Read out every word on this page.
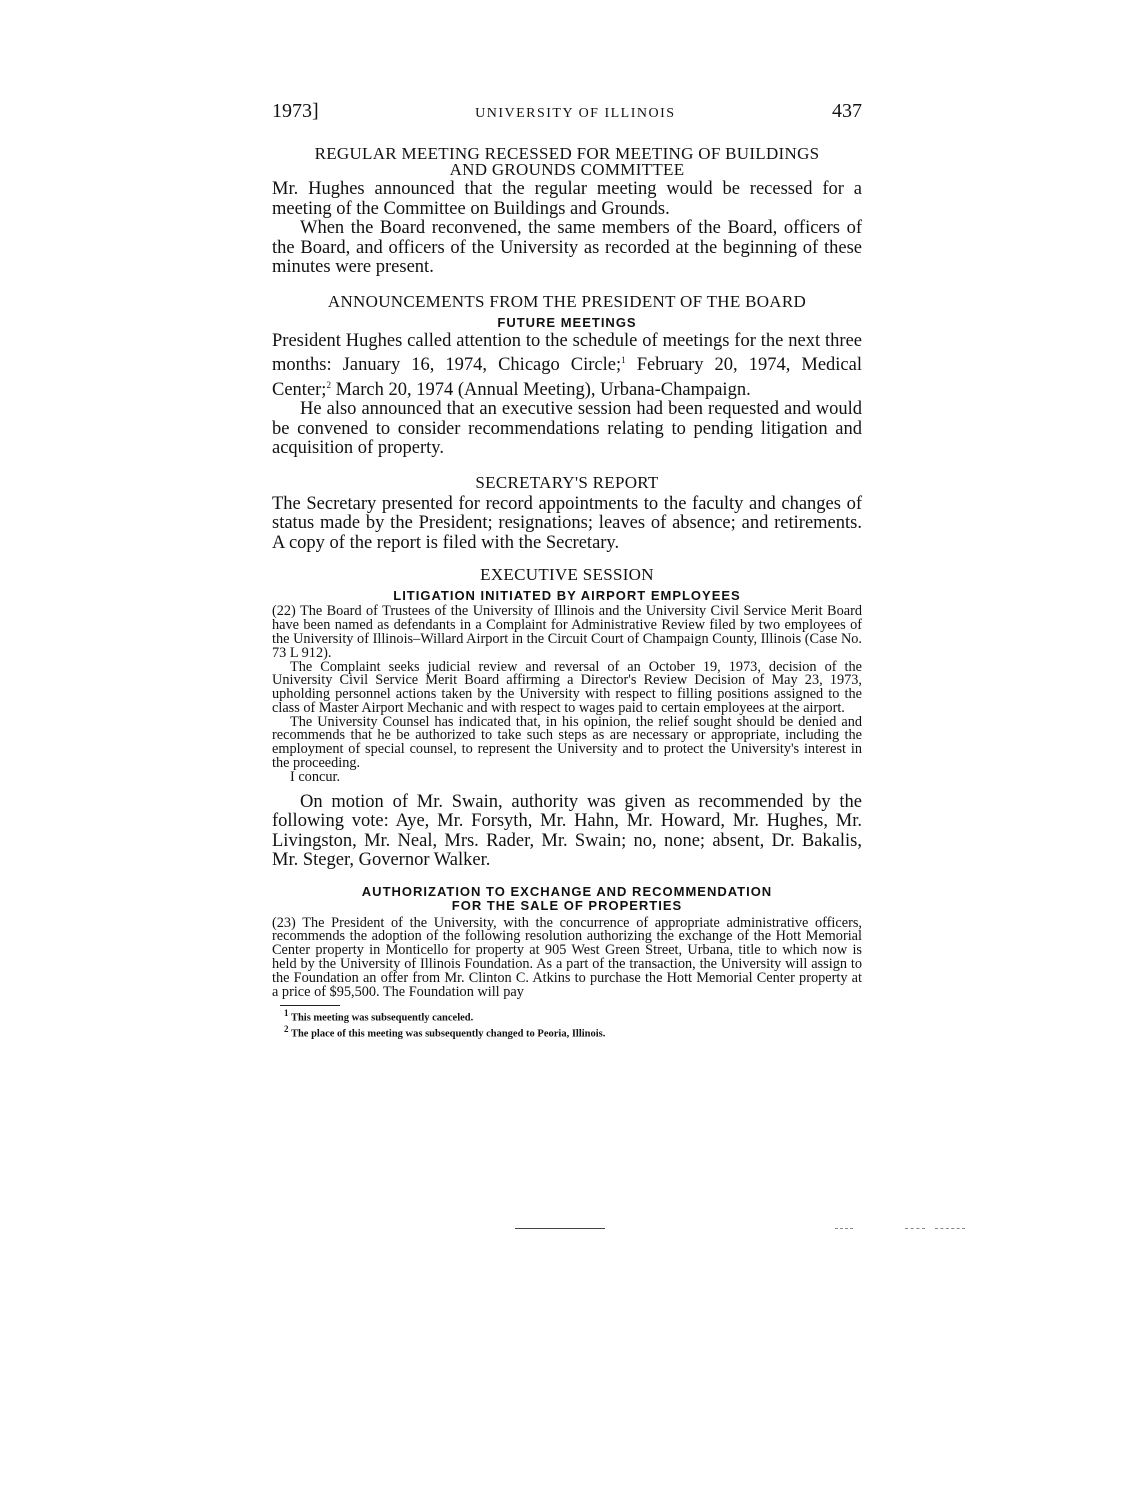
1973]	UNIVERSITY OF ILLINOIS	437

REGULAR MEETING RECESSED FOR MEETING OF BUILDINGS

AND GROUNDS COMMITTEE

Mr. Hughes announced that the regular meeting would be recessed for a meeting of the Committee on Buildings and Grounds.

When the Board reconvened, the same members of the Board, officers of the Board, and officers of the University as recorded at the beginning of these minutes were present.

ANNOUNCEMENTS FROM THE PRESIDENT OF THE BOARD

FUTURE MEETINGS

President Hughes called attention to the schedule of meetings for the next three months: January 16, 1974, Chicago Circle;$^1$ February 20, 1974, Medical Center;$^2$ March 20, 1974 (Annual Meeting), Urbana-Champaign.

He also announced that an executive session had been requested and would be convened to consider recommendations relating to pending litigation and acquisition of property.

SECRETARY'S REPORT

The Secretary presented for record appointments to the faculty and changes of status made by the President; resignations; leaves of absence; and retirements. A copy of the report is filed with the Secretary.

EXECUTIVE SESSION

LITIGATION INITIATED BY AIRPORT EMPLOYEES

(22) The Board of Trustees of the University of Illinois and the University Civil Service Merit Board have been named as defendants in a Complaint for Administrative Review filed by two employees of the University of Illinois–Willard Airport in the Circuit Court of Champaign County, Illinois (Case No. 73 L 912).

The Complaint seeks judicial review and reversal of an October 19, 1973, decision of the University Civil Service Merit Board affirming a Director's Review Decision of May 23, 1973, upholding personnel actions taken by the University with respect to filling positions assigned to the class of Master Airport Mechanic and with respect to wages paid to certain employees at the airport.

The University Counsel has indicated that, in his opinion, the relief sought should be denied and recommends that he be authorized to take such steps as are necessary or appropriate, including the employment of special counsel, to represent the University and to protect the University's interest in the proceeding.

I concur.

On motion of Mr. Swain, authority was given as recommended by the following vote: Aye, Mr. Forsyth, Mr. Hahn, Mr. Howard, Mr. Hughes, Mr. Livingston, Mr. Neal, Mrs. Rader, Mr. Swain; no, none; absent, Dr. Bakalis, Mr. Steger, Governor Walker.

AUTHORIZATION TO EXCHANGE AND RECOMMENDATION

FOR THE SALE OF PROPERTIES

(23) The President of the University, with the concurrence of appropriate administrative officers, recommends the adoption of the following resolution authorizing the exchange of the Hott Memorial Center property in Monticello for property at 905 West Green Street, Urbana, title to which now is held by the University of Illinois Foundation. As a part of the transaction, the University will assign to the Foundation an offer from Mr. Clinton C. Atkins to purchase the Hott Memorial Center property at a price of $95,500. The Foundation will pay

$^1$ This meeting was subsequently canceled.

$^2$ The place of this meeting was subsequently changed to Peoria, Illinois.
